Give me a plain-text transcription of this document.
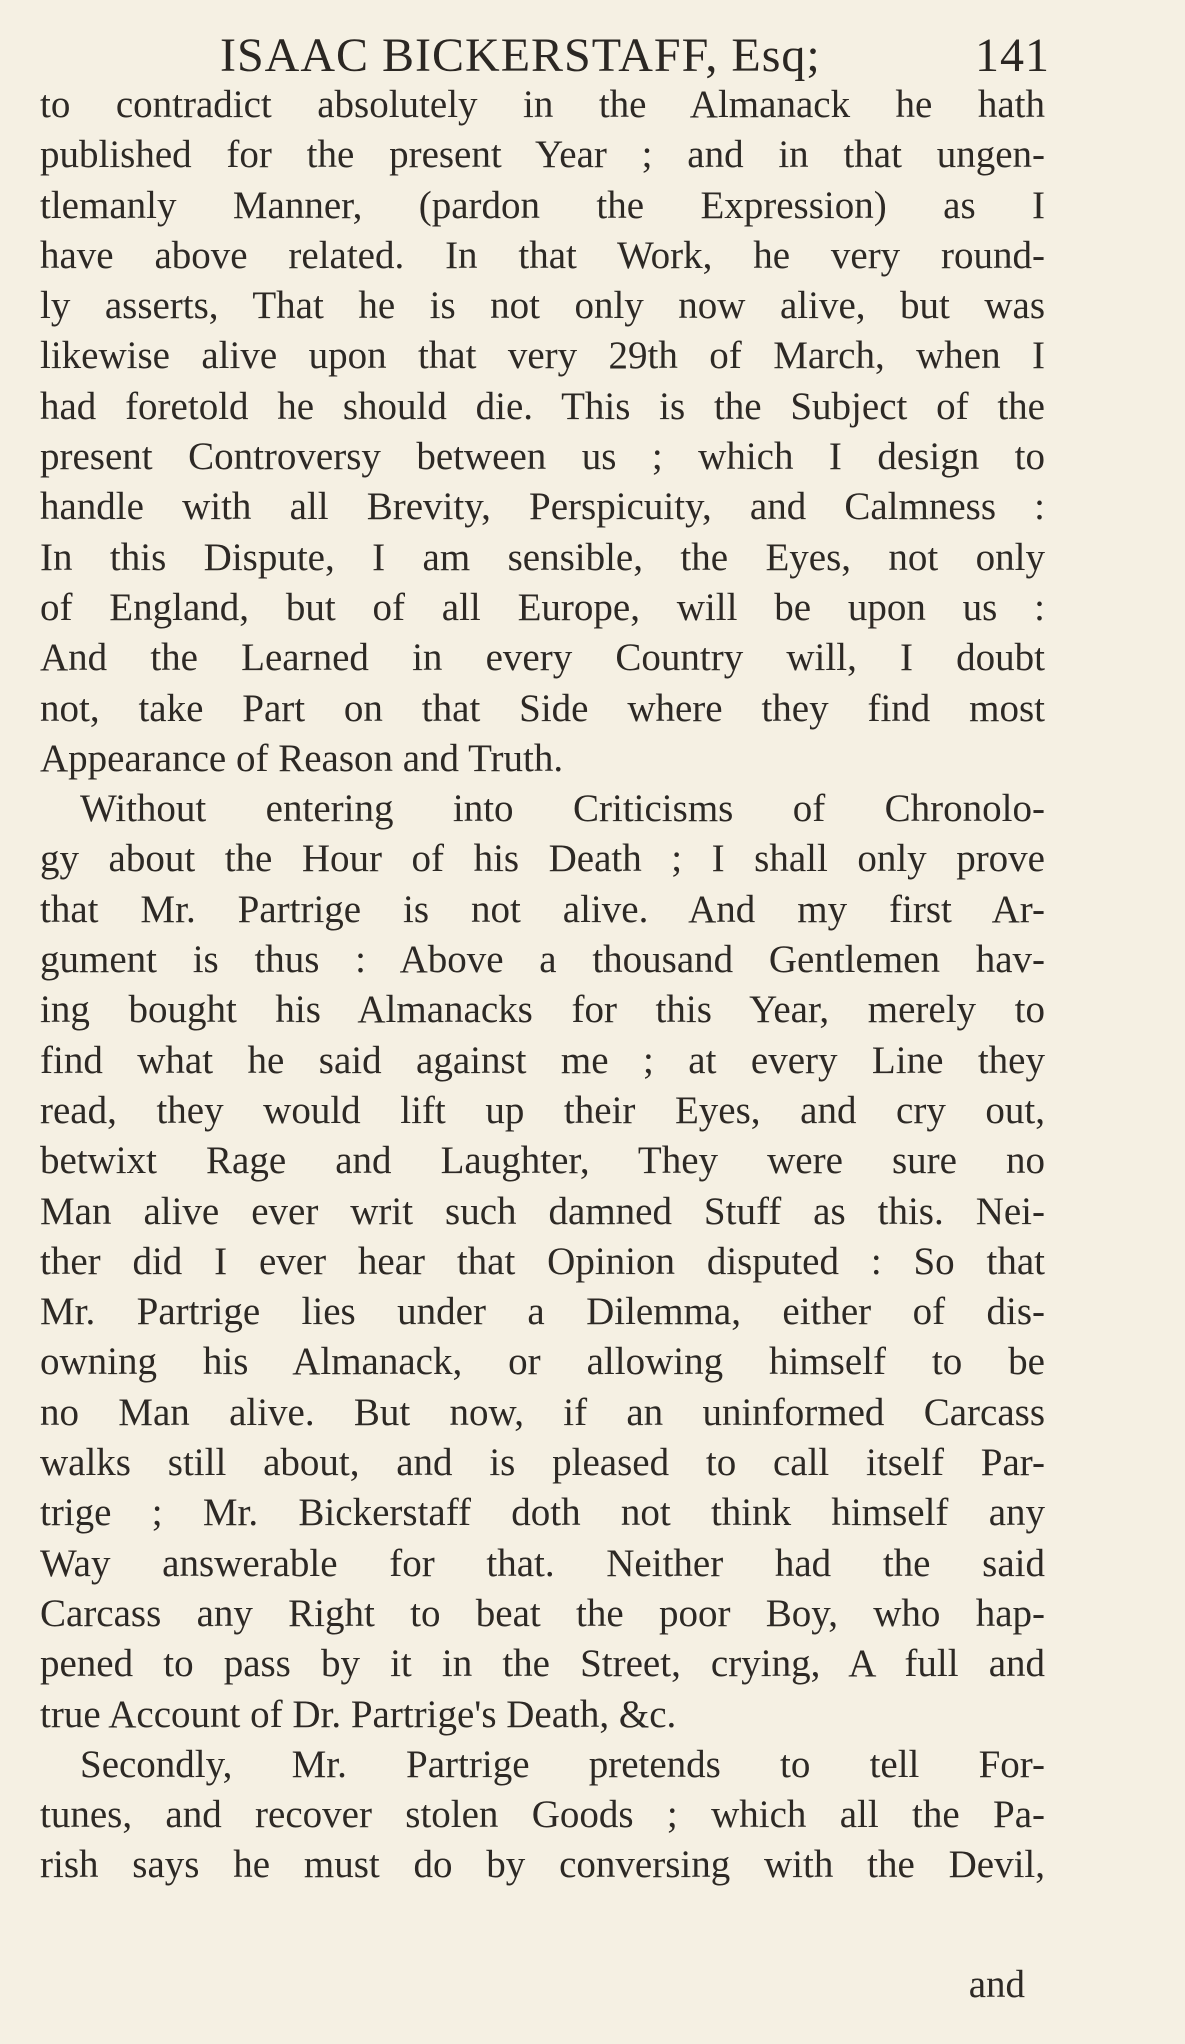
ISAAC BICKERSTAFF, Esq;	141
to contradict absolutely in the Almanack he hath
published for the present Year ; and in that ungen-
tlemanly Manner, (pardon the Expression) as I
have above related. In that Work, he very round-
ly asserts, That he is not only now alive, but was
likewise alive upon that very 29th of March, when I
had foretold he should die. This is the Subject of the
present Controversy between us ; which I design to
handle with all Brevity, Perspicuity, and Calmness :
In this Dispute, I am sensible, the Eyes, not only
of England, but of all Europe, will be upon us :
And the Learned in every Country will, I doubt
not, take Part on that Side where they find most
Appearance of Reason and Truth.
Without entering into Criticisms of Chronolo-
gy about the Hour of his Death ; I shall only prove
that Mr. Partrige is not alive. And my first Ar-
gument is thus : Above a thousand Gentlemen hav-
ing bought his Almanacks for this Year, merely to
find what he said against me ; at every Line they
read, they would lift up their Eyes, and cry out,
betwixt Rage and Laughter, They were sure no
Man alive ever writ such damned Stuff as this. Nei-
ther did I ever hear that Opinion disputed : So that
Mr. Partrige lies under a Dilemma, either of dis-
owning his Almanack, or allowing himself to be
no Man alive. But now, if an uninformed Carcass
walks still about, and is pleased to call itself Par-
trige ; Mr. Bickerstaff doth not think himself any
Way answerable for that. Neither had the said
Carcass any Right to beat the poor Boy, who hap-
pened to pass by it in the Street, crying, A full and
true Account of Dr. Partrige's Death, &c.
Secondly, Mr. Partrige pretends to tell For-
tunes, and recover stolen Goods ; which all the Pa-
rish says he must do by conversing with the Devil,
and
